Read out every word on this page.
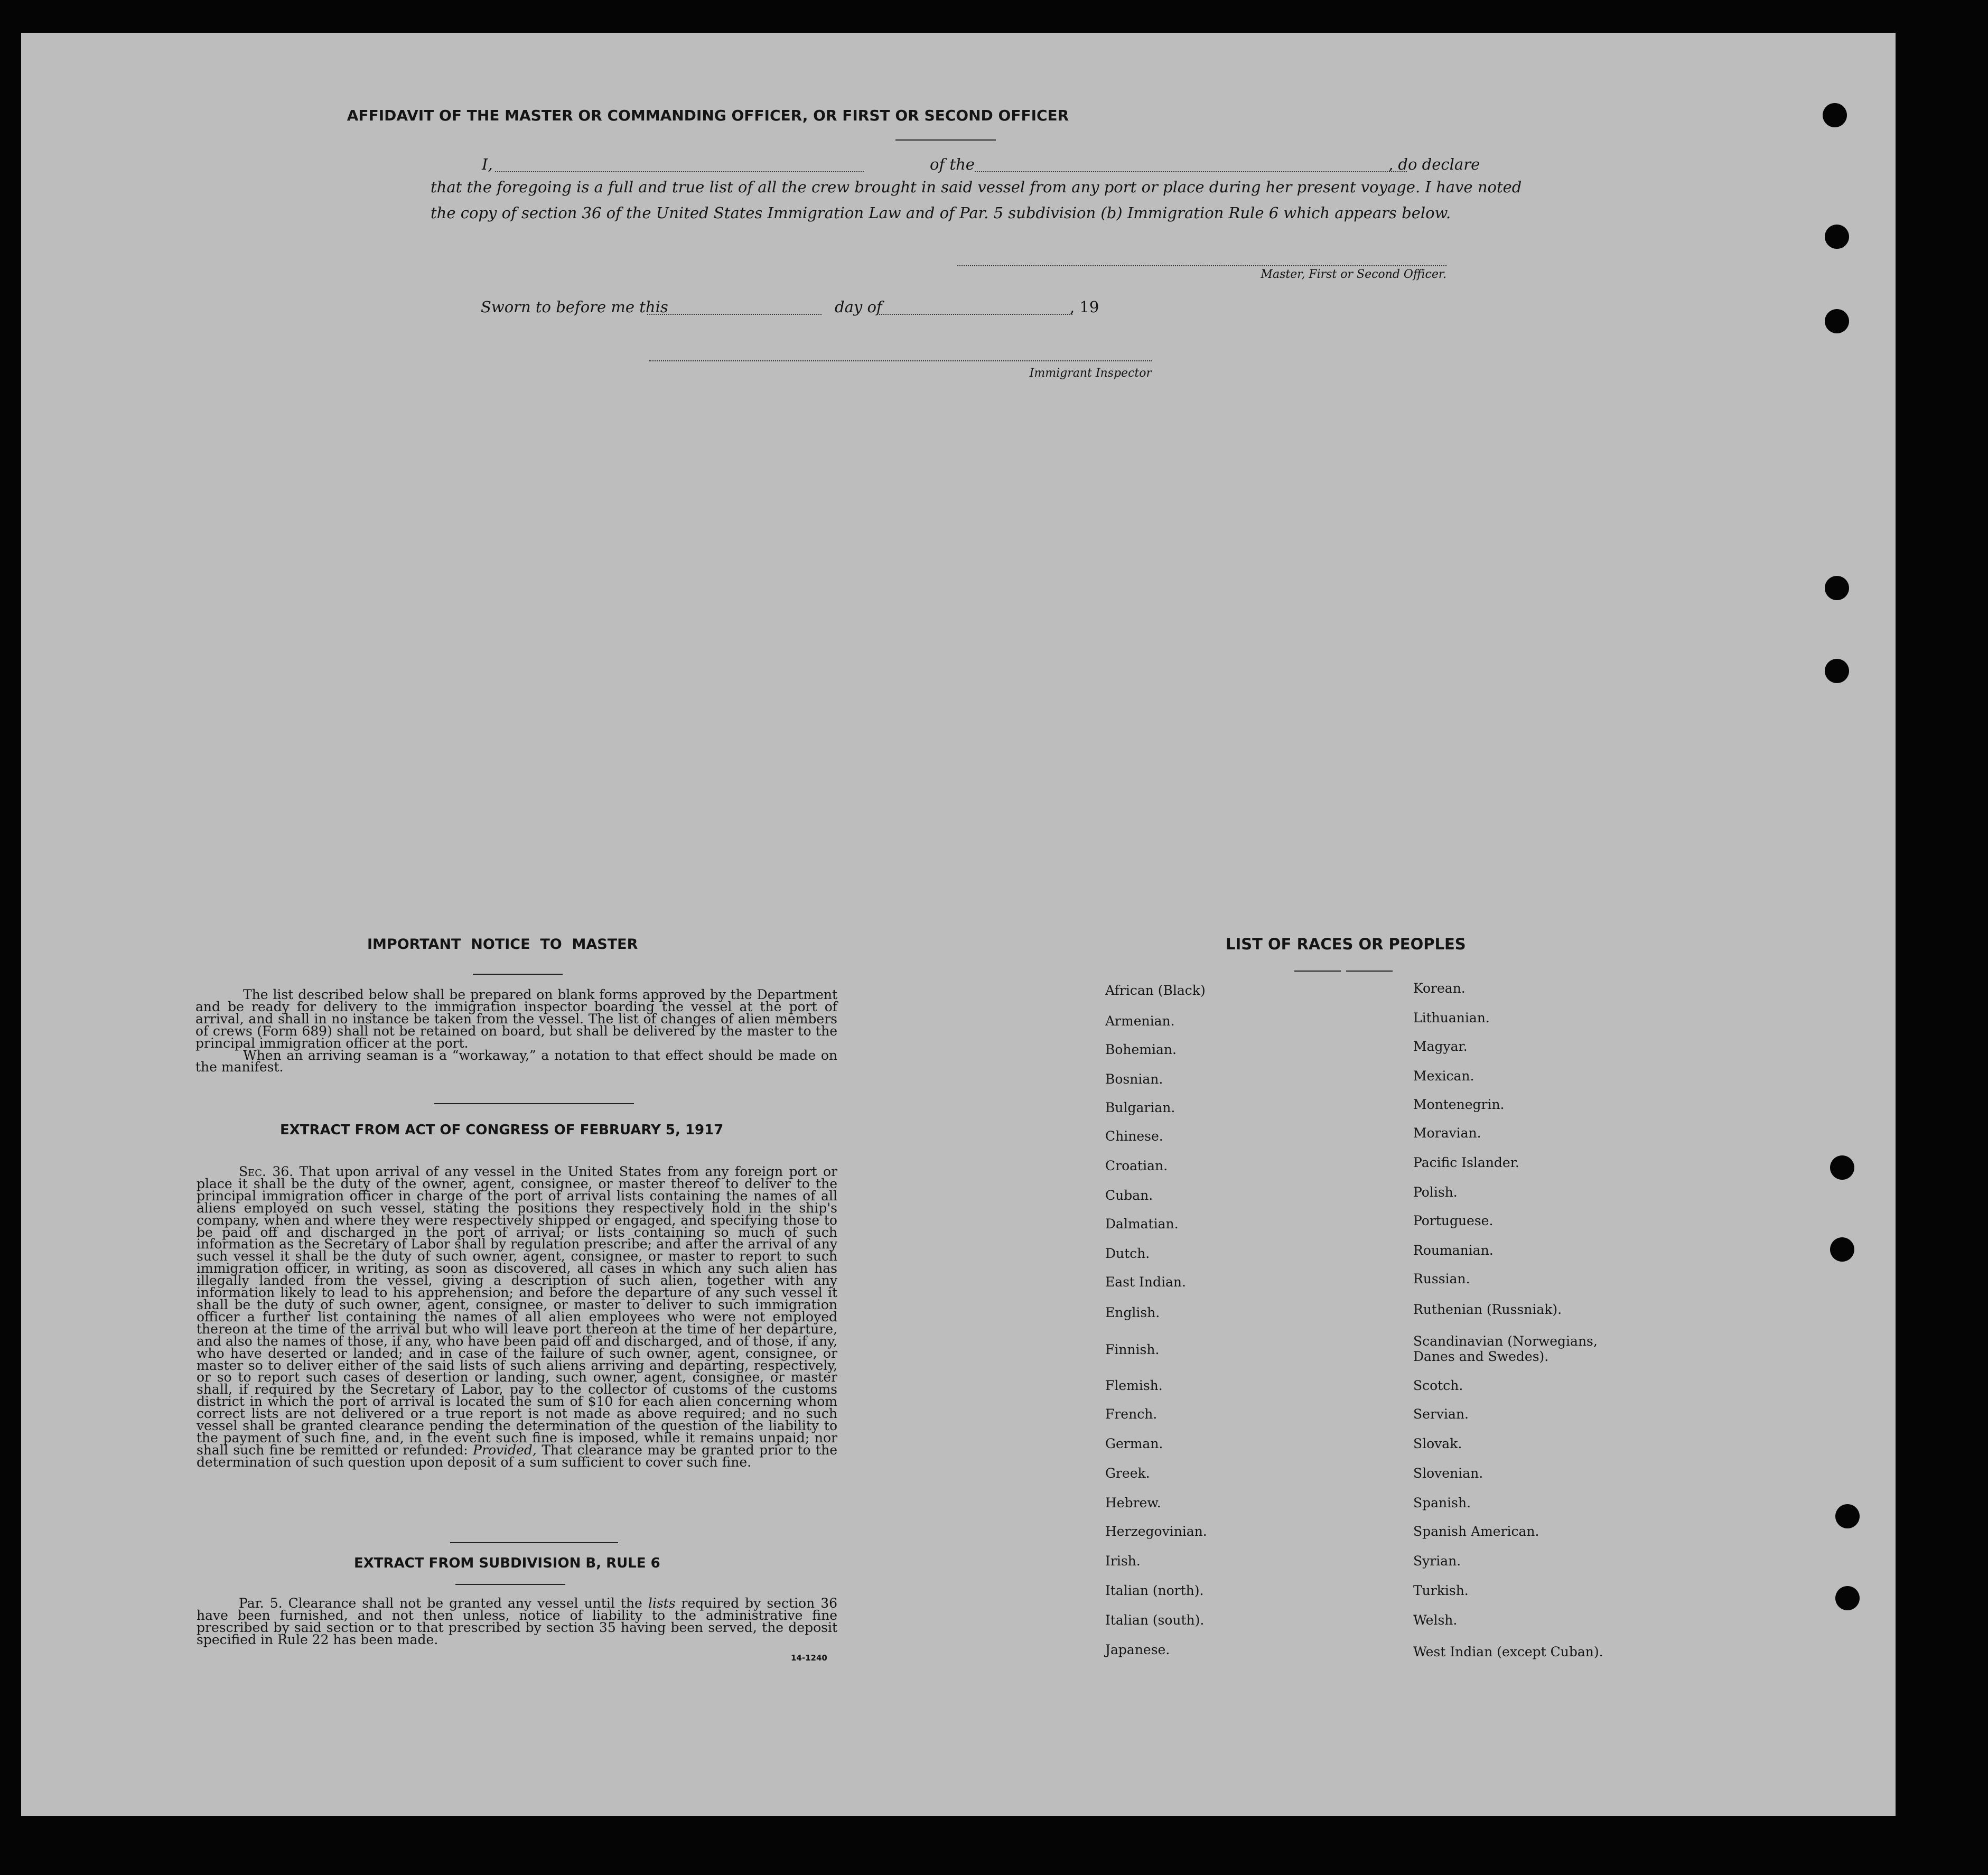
AFFIDAVIT OF THE MASTER OR COMMANDING OFFICER, OR FIRST OR SECOND OFFICER
I,	of the	, do declare
that the foregoing is a full and true list of all the crew brought in said vessel from any port or place during her present voyage. I have noted
the copy of section 36 of the United States Immigration Law and of Par. 5 subdivision (b) Immigration Rule 6 which appears below.
Master, First or Second Officer.
Sworn to before me this	day of	, 19
Immigrant Inspector
IMPORTANT  NOTICE  TO  MASTER
The list described below shall be prepared on blank forms approved by the Department and be ready for delivery to the immigration inspector boarding the vessel at the port of arrival, and shall in no instance be taken from the vessel. The list of changes of alien members of crews (Form 689) shall not be retained on board, but shall be delivered by the master to the principal immigration officer at the port.
When an arriving seaman is a “workaway,” a notation to that effect should be made on the manifest.
EXTRACT FROM ACT OF CONGRESS OF FEBRUARY 5, 1917
Sec. 36. That upon arrival of any vessel in the United States from any foreign port or place it shall be the duty of the owner, agent, consignee, or master thereof to deliver to the principal immigration officer in charge of the port of arrival lists containing the names of all aliens employed on such vessel, stating the positions they respectively hold in the ship's company, when and where they were respectively shipped or engaged, and specifying those to be paid off and discharged in the port of arrival; or lists containing so much of such information as the Secretary of Labor shall by regulation prescribe; and after the arrival of any such vessel it shall be the duty of such owner, agent, consignee, or master to report to such immigration officer, in writing, as soon as discovered, all cases in which any such alien has illegally landed from the vessel, giving a description of such alien, together with any information likely to lead to his apprehension; and before the departure of any such vessel it shall be the duty of such owner, agent, consignee, or master to deliver to such immigration officer a further list containing the names of all alien employees who were not employed thereon at the time of the arrival but who will leave port thereon at the time of her departure, and also the names of those, if any, who have been paid off and discharged, and of those, if any, who have deserted or landed; and in case of the failure of such owner, agent, consignee, or master so to deliver either of the said lists of such aliens arriving and departing, respectively, or so to report such cases of desertion or landing, such owner, agent, consignee, or master shall, if required by the Secretary of Labor, pay to the collector of customs of the customs district in which the port of arrival is located the sum of $10 for each alien concerning whom correct lists are not delivered or a true report is not made as above required; and no such vessel shall be granted clearance pending the determination of the question of the liability to the payment of such fine, and, in the event such fine is imposed, while it remains unpaid; nor shall such fine be remitted or refunded: Provided, That clearance may be granted prior to the determination of such question upon deposit of a sum sufficient to cover such fine.
EXTRACT FROM SUBDIVISION B, RULE 6
Par. 5. Clearance shall not be granted any vessel until the lists required by section 36 have been furnished, and not then unless, notice of liability to the administrative fine prescribed by said section or to that prescribed by section 35 having been served, the deposit specified in Rule 22 has been made.
14-1240
LIST OF RACES OR PEOPLES
African (Black)
Armenian.
Bohemian.
Bosnian.
Bulgarian.
Chinese.
Croatian.
Cuban.
Dalmatian.
Dutch.
East Indian.
English.
Finnish.
Flemish.
French.
German.
Greek.
Hebrew.
Herzegovinian.
Irish.
Italian (north).
Italian (south).
Japanese.
Korean.
Lithuanian.
Magyar.
Mexican.
Montenegrin.
Moravian.
Pacific Islander.
Polish.
Portuguese.
Roumanian.
Russian.
Ruthenian (Russniak).
Scandinavian (Norwegians,
Danes and Swedes).
Scotch.
Servian.
Slovak.
Slovenian.
Spanish.
Spanish American.
Syrian.
Turkish.
Welsh.
West Indian (except Cuban).
